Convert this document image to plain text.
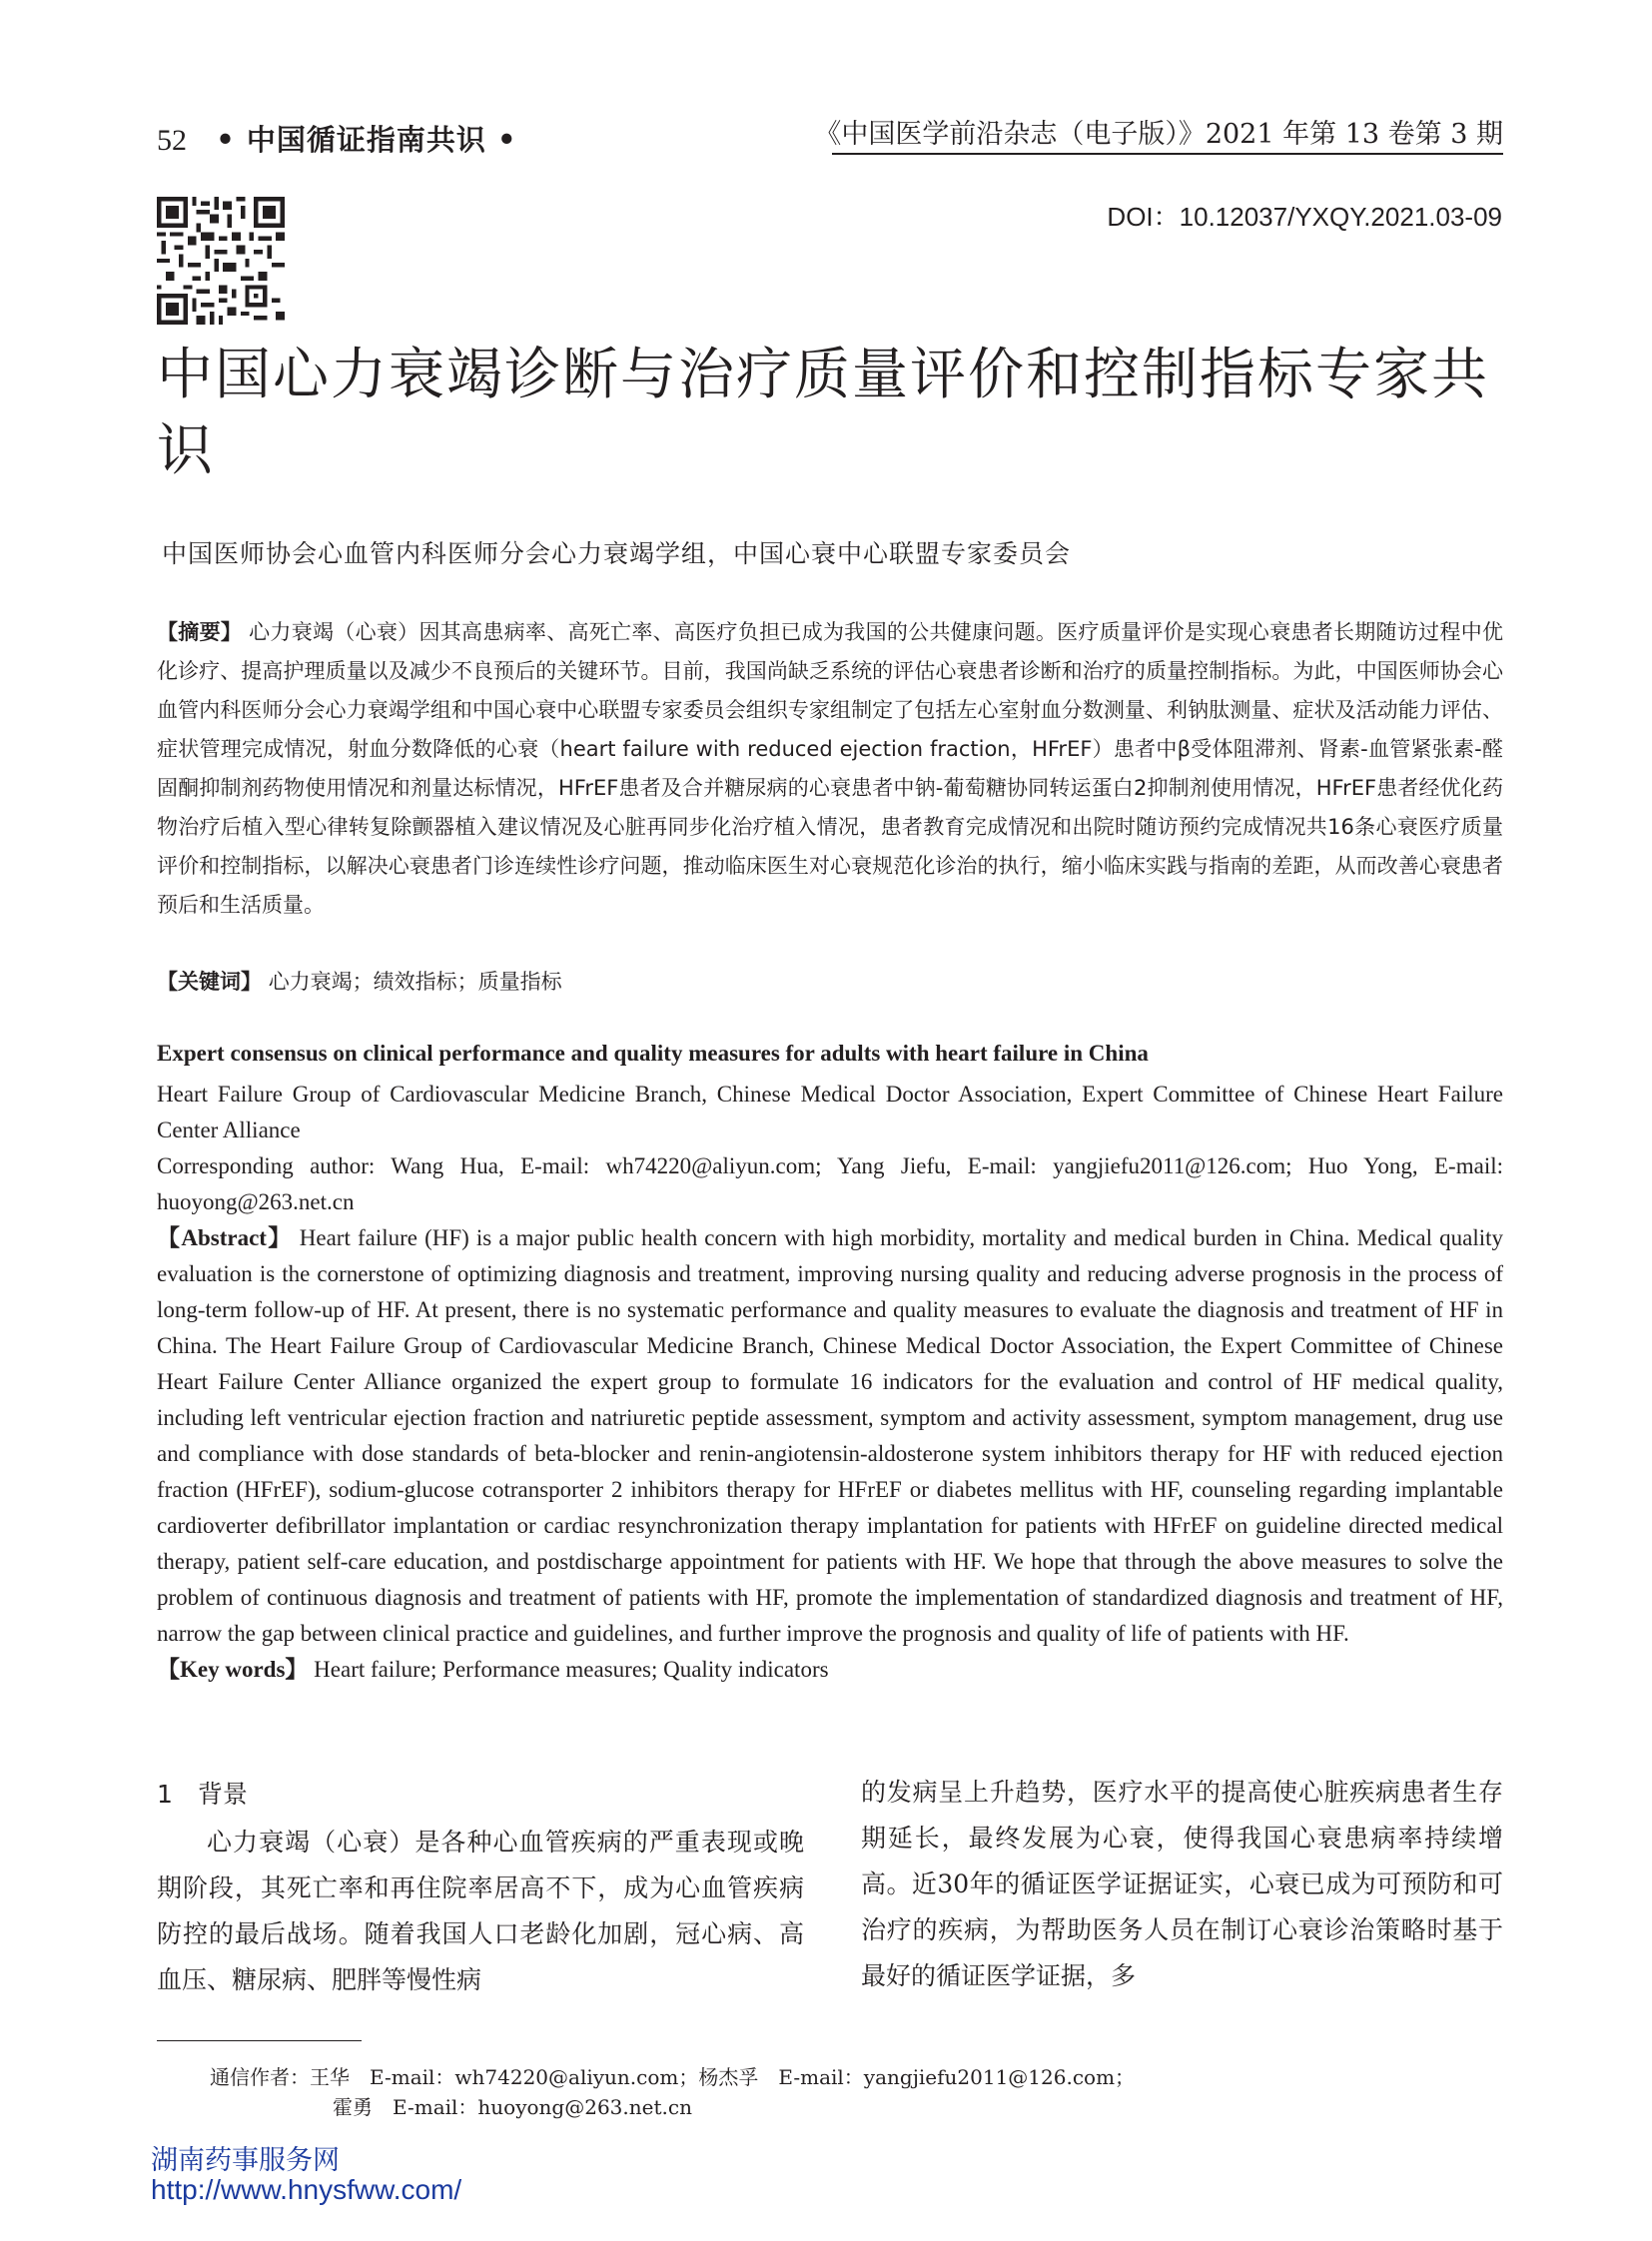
52 • 中国循证指南共识 •	《中国医学前沿杂志（电子版）》2021 年第 13 卷第 3 期
DOI：10.12037/YXQY.2021.03-09
中国心力衰竭诊断与治疗质量评价和控制指标专家共识
中国医师协会心血管内科医师分会心力衰竭学组，中国心衰中心联盟专家委员会
【摘要】 心力衰竭（心衰）因其高患病率、高死亡率、高医疗负担已成为我国的公共健康问题。医疗质量评价是实现心衰患者长期随访过程中优化诊疗、提高护理质量以及减少不良预后的关键环节。目前，我国尚缺乏系统的评估心衰患者诊断和治疗的质量控制指标。为此，中国医师协会心血管内科医师分会心力衰竭学组和中国心衰中心联盟专家委员会组织专家组制定了包括左心室射血分数测量、利钠肽测量、症状及活动能力评估、症状管理完成情况，射血分数降低的心衰（heart failure with reduced ejection fraction，HFrEF）患者中β受体阻滞剂、肾素-血管紧张素-醛固酮抑制剂药物使用情况和剂量达标情况，HFrEF患者及合并糖尿病的心衰患者中钠-葡萄糖协同转运蛋白2抑制剂使用情况，HFrEF患者经优化药物治疗后植入型心律转复除颤器植入建议情况及心脏再同步化治疗植入情况，患者教育完成情况和出院时随访预约完成情况共16条心衰医疗质量评价和控制指标，以解决心衰患者门诊连续性诊疗问题，推动临床医生对心衰规范化诊治的执行，缩小临床实践与指南的差距，从而改善心衰患者预后和生活质量。
【关键词】 心力衰竭；绩效指标；质量指标
Expert consensus on clinical performance and quality measures for adults with heart failure in China

Heart Failure Group of Cardiovascular Medicine Branch, Chinese Medical Doctor Association, Expert Committee of Chinese Heart Failure Center Alliance

Corresponding author: Wang Hua, E-mail: wh74220@aliyun.com; Yang Jiefu, E-mail: yangjiefu2011@126.com; Huo Yong, E-mail: huoyong@263.net.cn

【Abstract】 Heart failure (HF) is a major public health concern with high morbidity, mortality and medical burden in China. Medical quality evaluation is the cornerstone of optimizing diagnosis and treatment, improving nursing quality and reducing adverse prognosis in the process of long-term follow-up of HF. At present, there is no systematic performance and quality measures to evaluate the diagnosis and treatment of HF in China. The Heart Failure Group of Cardiovascular Medicine Branch, Chinese Medical Doctor Association, the Expert Committee of Chinese Heart Failure Center Alliance organized the expert group to formulate 16 indicators for the evaluation and control of HF medical quality, including left ventricular ejection fraction and natriuretic peptide assessment, symptom and activity assessment, symptom management, drug use and compliance with dose standards of beta-blocker and renin-angiotensin-aldosterone system inhibitors therapy for HF with reduced ejection fraction (HFrEF), sodium-glucose cotransporter 2 inhibitors therapy for HFrEF or diabetes mellitus with HF, counseling regarding implantable cardioverter defibrillator implantation or cardiac resynchronization therapy implantation for patients with HFrEF on guideline directed medical therapy, patient self-care education, and postdischarge appointment for patients with HF. We hope that through the above measures to solve the problem of continuous diagnosis and treatment of patients with HF, promote the implementation of standardized diagnosis and treatment of HF, narrow the gap between clinical practice and guidelines, and further improve the prognosis and quality of life of patients with HF.

【Key words】 Heart failure; Performance measures; Quality indicators

1　背景

心力衰竭（心衰）是各种心血管疾病的严重表现或晚期阶段，其死亡率和再住院率居高不下，成为心血管疾病防控的最后战场。随着我国人口老龄化加剧，冠心病、高血压、糖尿病、肥胖等慢性病

的发病呈上升趋势，医疗水平的提高使心脏疾病患者生存期延长，最终发展为心衰，使得我国心衰患病率持续增高。近30年的循证医学证据证实，心衰已成为可预防和可治疗的疾病，为帮助医务人员在制订心衰诊治策略时基于最好的循证医学证据，多

通信作者：王华　E-mail：wh74220@aliyun.com；杨杰孚　E-mail：yangjiefu2011@126.com；
霍勇　E-mail：huoyong@263.net.cn
湖南药事服务网
http://www.hnysfww.com/
